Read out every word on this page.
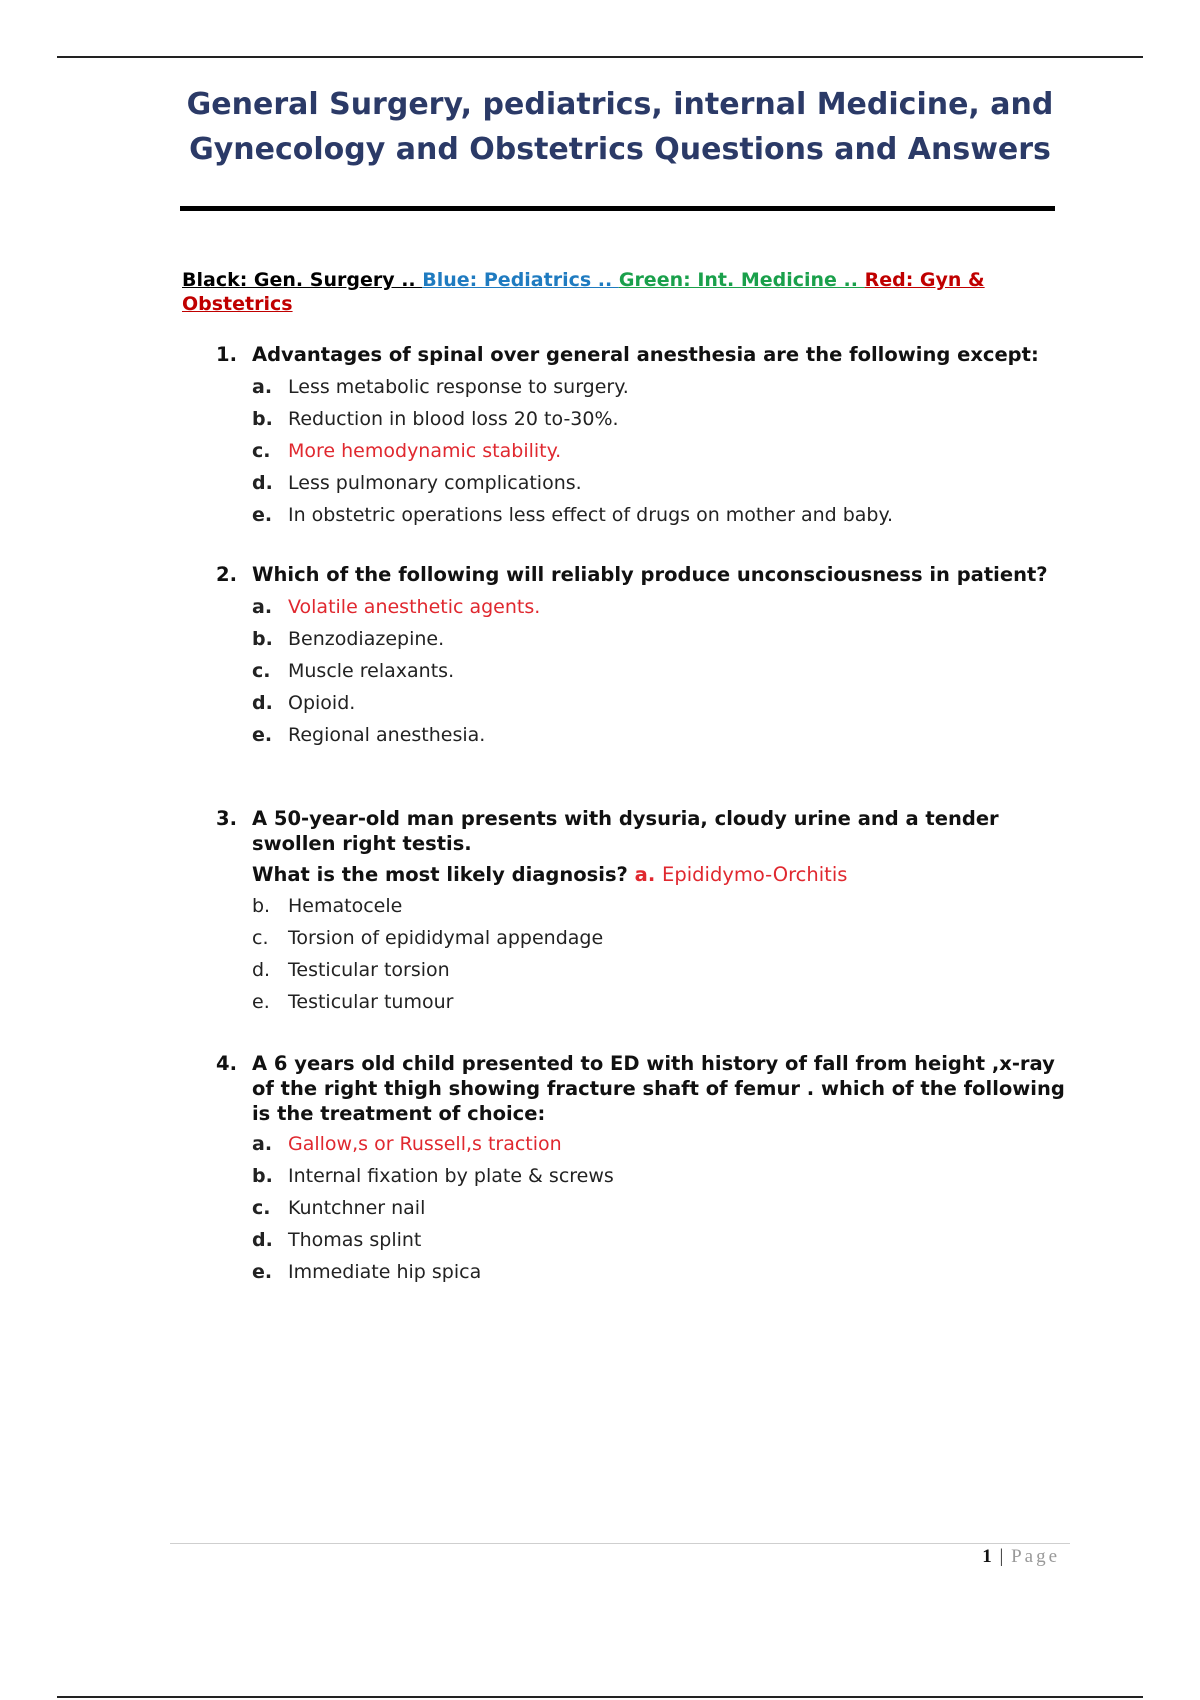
General Surgery, pediatrics, internal Medicine, and Gynecology and Obstetrics Questions and Answers
Black: Gen. Surgery .. Blue: Pediatrics .. Green: Int. Medicine .. Red: Gyn & Obstetrics
1. Advantages of spinal over general anesthesia are the following except:
a. Less metabolic response to surgery.
b. Reduction in blood loss 20 to-30%.
c. More hemodynamic stability.
d. Less pulmonary complications.
e. In obstetric operations less effect of drugs on mother and baby.
2. Which of the following will reliably produce unconsciousness in patient?
a. Volatile anesthetic agents.
b. Benzodiazepine.
c. Muscle relaxants.
d. Opioid.
e. Regional anesthesia.
3. A 50-year-old man presents with dysuria, cloudy urine and a tender swollen right testis.
What is the most likely diagnosis?
a.
Epididymo-Orchitis
b. Hematocele
c.	Torsion of epididymal appendage
d. Testicular torsion
e. Testicular tumour
4. A 6 years old child presented to ED with history of fall from height ,x-ray of the right thigh showing fracture shaft of femur . which of the following is the treatment of choice:
a. Gallow,s or Russell,s traction
b. Internal fixation by plate & screws
c. Kuntchner nail
d. Thomas splint
e. Immediate hip spica
1 | Page
